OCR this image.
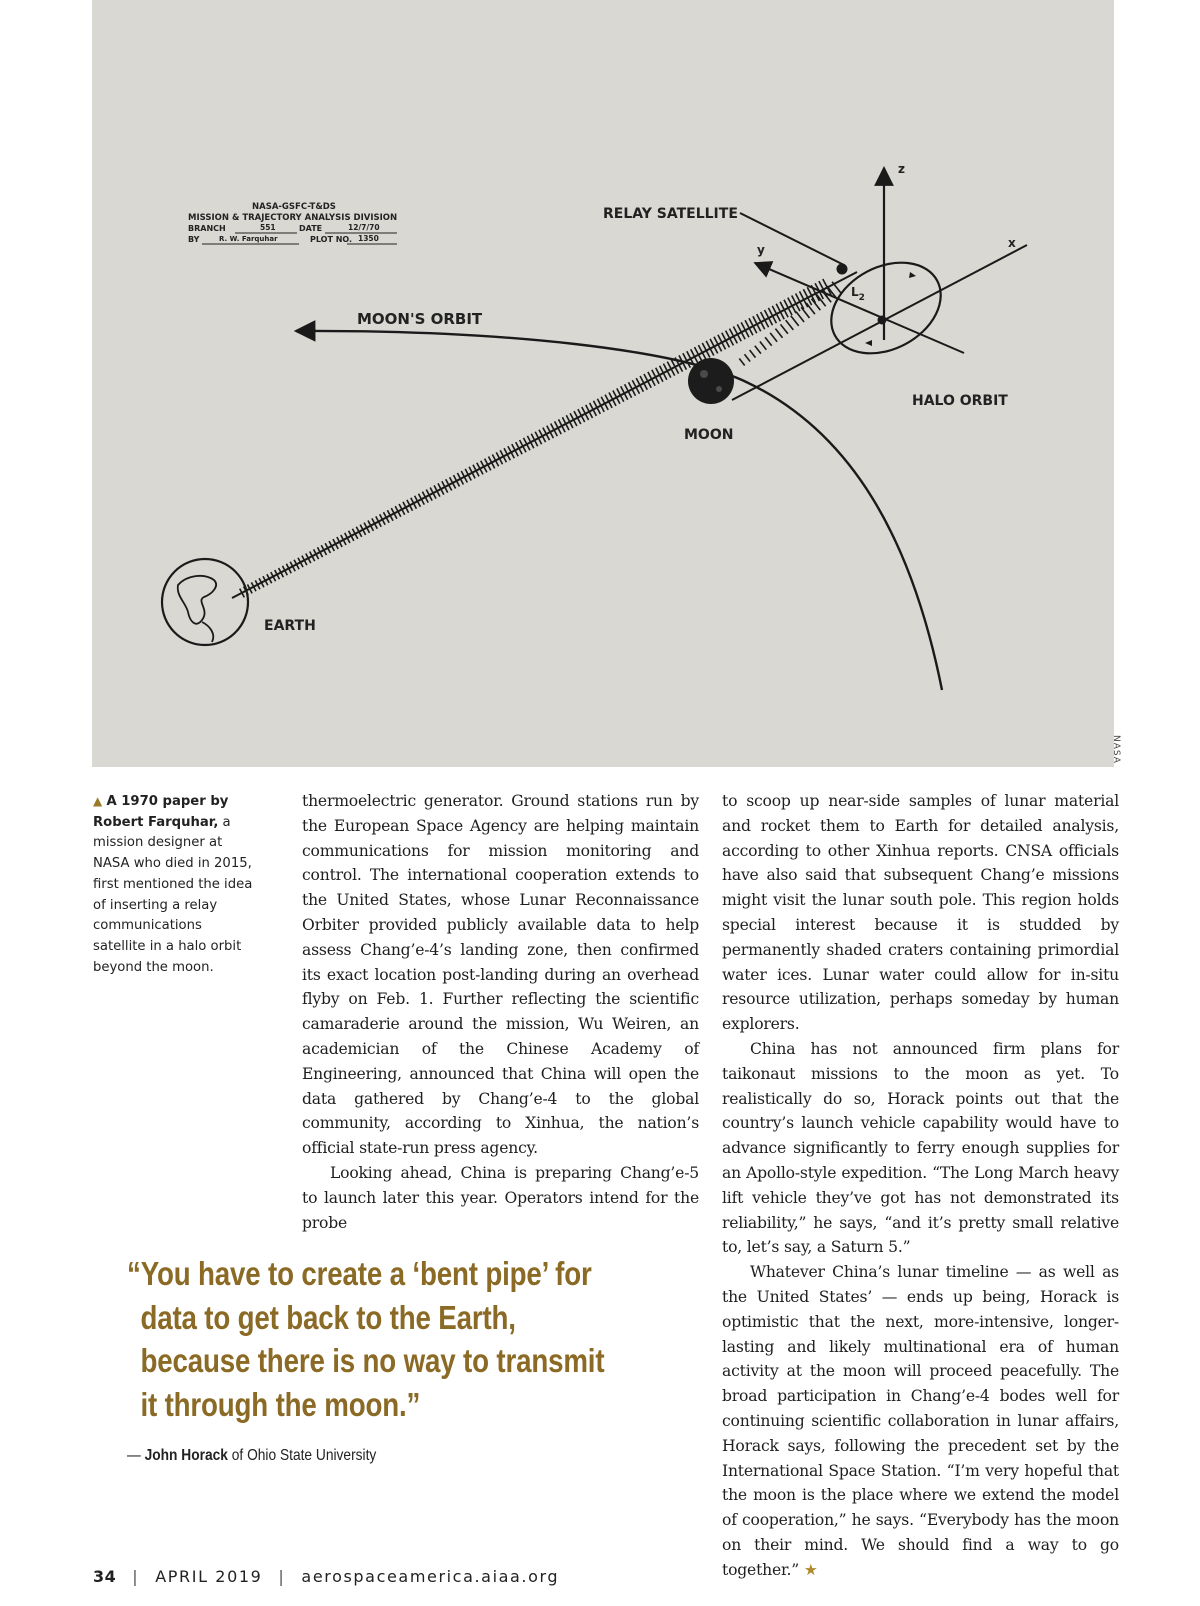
NASA-GSFC-T&DS
MISSION & TRAJECTORY ANALYSIS DIVISION
BRANCH	551	DATE	12/7/70
BY	R. W. Farquhar	PLOT NO. 1350
MOON'S ORBIT
z
y	x
$L_2$
RELAY SATELLITE
HALO ORBIT
MOON
EARTH
NASA
▲ A 1970 paper by Robert Farquhar, a mission designer at NASA who died in 2015, first mentioned the idea of inserting a relay communications satellite in a halo orbit beyond the moon.

thermoelectric generator. Ground stations run by the European Space Agency are helping maintain communications for mission monitoring and control. The international cooperation extends to the United States, whose Lunar Reconnaissance Orbiter provided publicly available data to help assess Chang’e-4’s landing zone, then confirmed its exact location post-landing during an overhead flyby on Feb. 1. Further reflecting the scientific camaraderie around the mission, Wu Weiren, an academician of the Chinese Academy of Engineering, announced that China will open the data gathered by Chang’e-4 to the global community, according to Xinhua, the nation’s official state-run press agency.

Looking ahead, China is preparing Chang’e-5 to launch later this year. Operators intend for the probe

to scoop up near-side samples of lunar material and rocket them to Earth for detailed analysis, according to other Xinhua reports. CNSA officials have also said that subsequent Chang’e missions might visit the lunar south pole. This region holds special interest because it is studded by permanently shaded craters containing primordial water ices. Lunar water could allow for in-situ resource utilization, perhaps someday by human explorers.

China has not announced firm plans for taikonaut missions to the moon as yet. To realistically do so, Horack points out that the country’s launch vehicle capability would have to advance significantly to ferry enough supplies for an Apollo-style expedition. “The Long March heavy lift vehicle they’ve got has not demonstrated its reliability,” he says, “and it’s pretty small relative to, let’s say, a Saturn 5.”

Whatever China’s lunar timeline — as well as the United States’ — ends up being, Horack is optimistic that the next, more-intensive, longer-lasting and likely multinational era of human activity at the moon will proceed peacefully. The broad participation in Chang’e-4 bodes well for continuing scientific collaboration in lunar affairs, Horack says, following the precedent set by the International Space Station. “I’m very hopeful that the moon is the place where we extend the model of cooperation,” he says. “Everybody has the moon on their mind. We should find a way to go together.” ★

“You have to create a ‘bent pipe’ for
data to get back to the Earth,
because there is no way to transmit
it through the moon.”
— John Horack of Ohio State University
34 | APRIL 2019 | aerospaceamerica.aiaa.org
